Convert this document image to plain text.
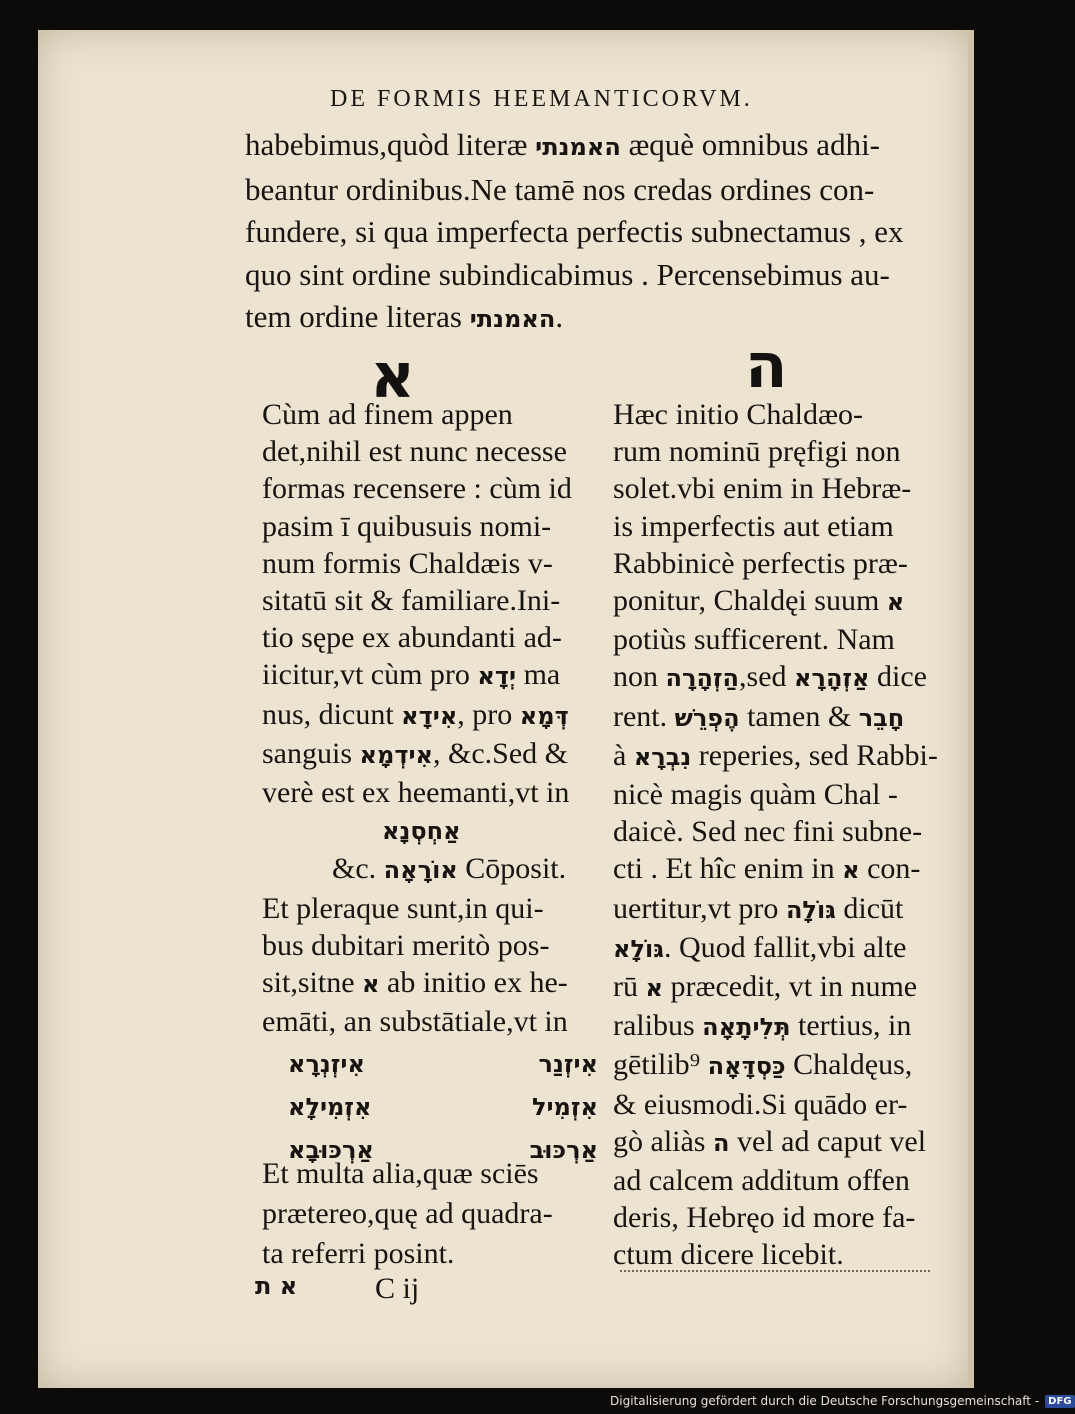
DE FORMIS HEEMANTICORVM.
habebimus,quòd literæ האמנתי æquè omnibus adhi-
beantur ordinibus.Ne tamē nos credas ordines con-
fundere, si qua imperfecta perfectis subnectamus , ex
quo sint ordine subindicabimus . Percensebimus au-
tem ordine literas האמנתי.
א	ה
Cùm ad finem appen
det,nihil est nunc necesse
formas recensere : cùm id
pasim ī quibusuis nomi-
num formis Chaldæis v-
sitatū sit & familiare.Ini-
tio sępe ex abundanti ad-
iicitur,vt cùm pro יְדָא ma
nus, dicunt אִידָא, pro דְּמָא
sanguis אִידְמָא, &c.Sed &
verè est ex heemanti,vt in
אַחְסְנָא
&c. אוֹרָאָה Cōposit.
Et pleraque sunt,in qui-
bus dubitari meritò pos-
sit,sitne א ab initio ex he-
emāti, an substātiale,vt in
אִיזְנְרָא	אִיזְנַר
אִזְמִילָא	אִזְמִיל
אַרְכּוּבָא	אַרְכּוּב
Et multa alia,quæ sciēs
prætereo,quę ad quadra-
ta referri posint.
Hæc initio Chaldæo-
rum nominū pręfigi non
solet.vbi enim in Hebræ-
is imperfectis aut etiam
Rabbinicè perfectis præ-
ponitur, Chaldęi suum א
potiùs sufficerent. Nam
non הַזְהָרָה,sed אַזְהָרָא dice
rent. הֶפְרֵשׁ tamen & חָבֵר
à נִבְרָא reperies, sed Rabbi-
nicè magis quàm Chal -
daicè. Sed nec fini subne-
cti . Et hîc enim in א con-
uertitur,vt pro גּוֹלָה dicūt
גּוֹלָא. Quod fallit,vbi alte
rū א præcedit, vt in nume
ralibus תְּלִיתָאָה tertius, in
gētilib⁹ כַּסְדָּאָה Chaldęus,
& eiusmodi.Si quādo er-
gò aliàs ה vel ad caput vel
ad calcem additum offen
deris, Hebręo id more fa-
ctum dicere licebit.
א ת	C ij
Digitalisierung gefördert durch die Deutsche Forschungsgemeinschaft - DFG
